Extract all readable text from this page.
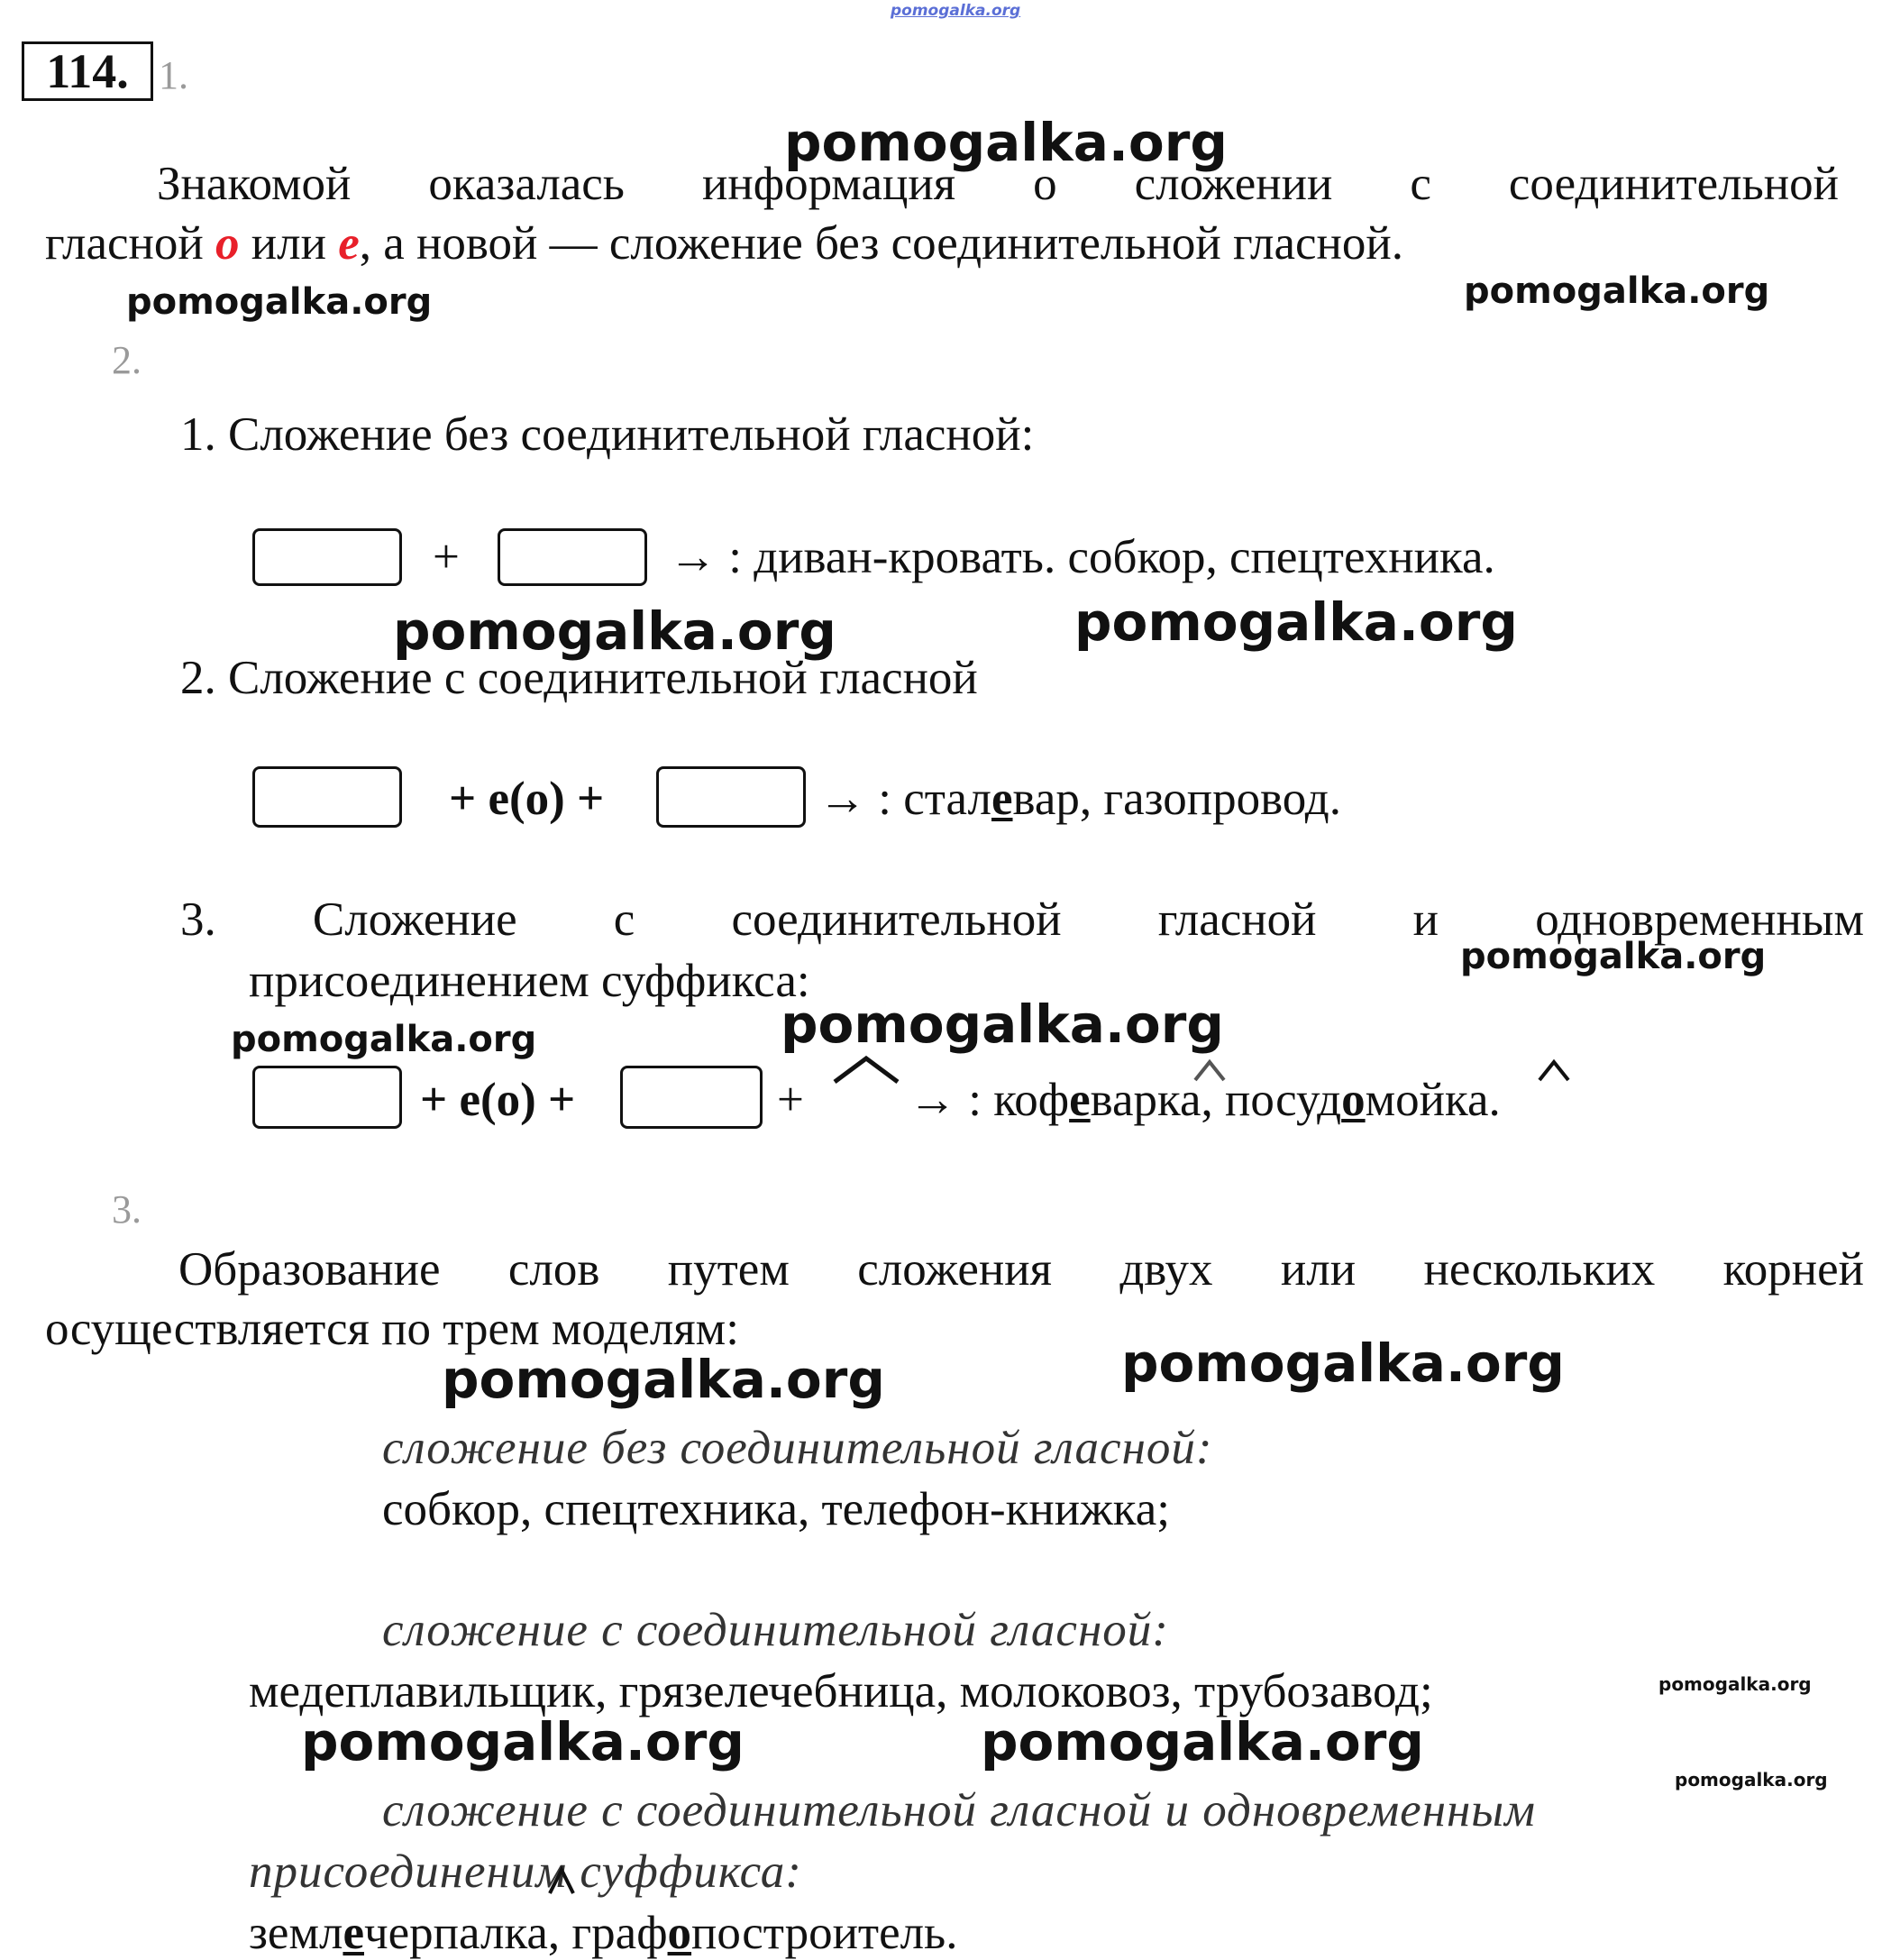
pomogalka.org
114. 1.
Знакомой оказалась информация о сложении с соединительной
гласной о или е, а новой — сложение без соединительной гласной.
2.
1. Сложение без соединительной гласной:
+	→ : диван-кровать. собкор, спецтехника.
2. Сложение с соединительной гласной
+ е(о) +	→ : сталевар, газопровод.
3. Сложение с соединительной гласной и одновременным
присоединением суффикса:
+ е(о) +	+ → : кофеварка, посудомойка.
3.
Образование слов путем сложения двух или нескольких корней
осуществляется по трем моделям:
сложение без соединительной гласной:
собкор, спецтехника, телефон-книжка;
сложение с соединительной гласной:
медеплавильщик, грязелечебница, молоковоз, трубозавод;
сложение с соединительной гласной и одновременным
присоединеним суффикса:
землечерпалка, графопостроитель.
pomogalka.org
pomogalka.org	pomogalka.org
pomogalka.org	pomogalka.org
pomogalka.org
pomogalka.org	pomogalka.org
pomogalka.org	pomogalka.org
pomogalka.org
pomogalka.org	pomogalka.org
pomogalka.org
